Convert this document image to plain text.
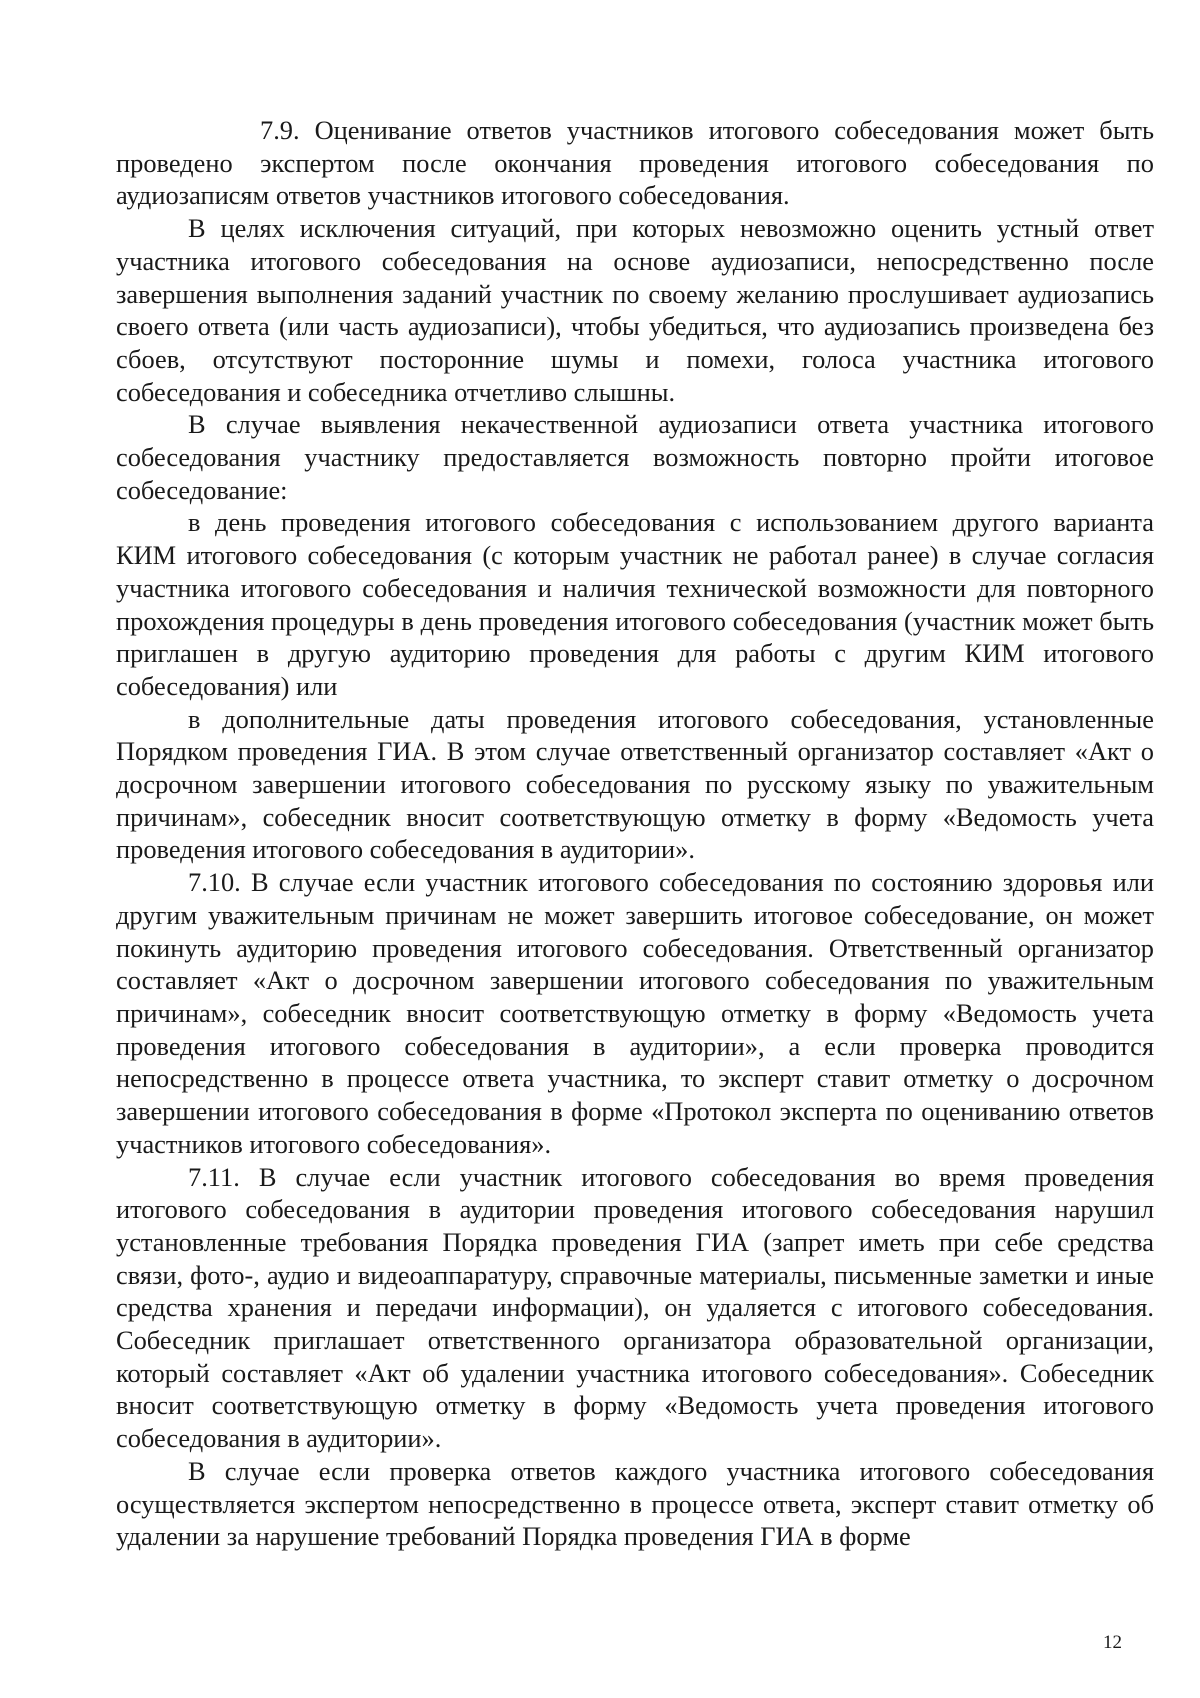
7.9. Оценивание ответов участников итогового собеседования может быть проведено экспертом после окончания проведения итогового собеседования по аудиозаписям ответов участников итогового собеседования.

В целях исключения ситуаций, при которых невозможно оценить устный ответ участника итогового собеседования на основе аудиозаписи, непосредственно после завершения выполнения заданий участник по своему желанию прослушивает аудиозапись своего ответа (или часть аудиозаписи), чтобы убедиться, что аудиозапись произведена без сбоев, отсутствуют посторонние шумы и помехи, голоса участника итогового собеседования и собеседника отчетливо слышны.

В случае выявления некачественной аудиозаписи ответа участника итогового собеседования участнику предоставляется возможность повторно пройти итоговое собеседование:

в день проведения итогового собеседования с использованием другого варианта КИМ итогового собеседования (с которым участник не работал ранее) в случае согласия участника итогового собеседования и наличия технической возможности для повторного прохождения процедуры в день проведения итогового собеседования (участник может быть приглашен в другую аудиторию проведения для работы с другим КИМ итогового собеседования) или

в дополнительные даты проведения итогового собеседования, установленные Порядком проведения ГИА. В этом случае ответственный организатор составляет «Акт о досрочном завершении итогового собеседования по русскому языку по уважительным причинам», собеседник вносит соответствующую отметку в форму «Ведомость учета проведения итогового собеседования в аудитории».

7.10. В случае если участник итогового собеседования по состоянию здоровья или другим уважительным причинам не может завершить итоговое собеседование, он может покинуть аудиторию проведения итогового собеседования. Ответственный организатор составляет «Акт о досрочном завершении итогового собеседования по уважительным причинам», собеседник вносит соответствующую отметку в форму «Ведомость учета проведения итогового собеседования в аудитории», а если проверка проводится непосредственно в процессе ответа участника, то эксперт ставит отметку о досрочном завершении итогового собеседования в форме «Протокол эксперта по оцениванию ответов участников итогового собеседования».

7.11. В случае если участник итогового собеседования во время проведения итогового собеседования в аудитории проведения итогового собеседования нарушил установленные требования Порядка проведения ГИА (запрет иметь при себе средства связи, фото-, аудио и видеоаппаратуру, справочные материалы, письменные заметки и иные средства хранения и передачи информации), он удаляется с итогового собеседования. Собеседник приглашает ответственного организатора образовательной организации, который составляет «Акт об удалении участника итогового собеседования». Собеседник вносит соответствующую отметку в форму «Ведомость учета проведения итогового собеседования в аудитории».

В случае если проверка ответов каждого участника итогового собеседования осуществляется экспертом непосредственно в процессе ответа, эксперт ставит отметку об удалении за нарушение требований Порядка проведения ГИА в форме

12
